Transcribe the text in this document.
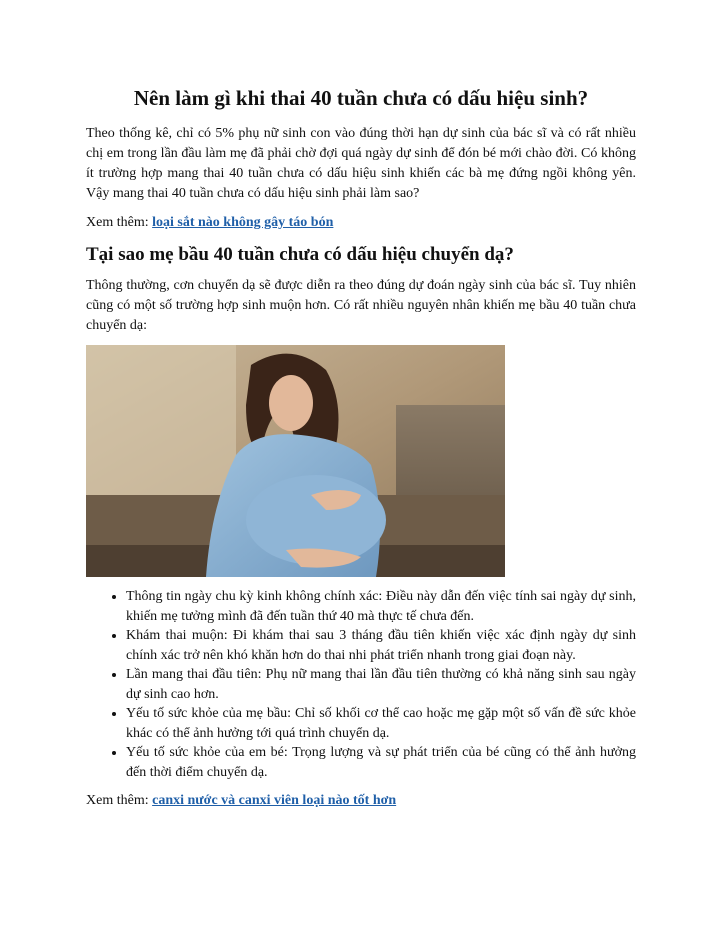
Nên làm gì khi thai 40 tuần chưa có dấu hiệu sinh?

Theo thống kê, chỉ có 5% phụ nữ sinh con vào đúng thời hạn dự sinh của bác sĩ và có rất nhiều chị em trong lần đầu làm mẹ đã phải chờ đợi quá ngày dự sinh để đón bé mới chào đời. Có không ít trường hợp mang thai 40 tuần chưa có dấu hiệu sinh khiến các bà mẹ đứng ngồi không yên. Vậy mang thai 40 tuần chưa có dấu hiệu sinh phải làm sao?

Xem thêm: loại sắt nào không gây táo bón
Tại sao mẹ bầu 40 tuần chưa có dấu hiệu chuyển dạ?

Thông thường, cơn chuyển dạ sẽ được diễn ra theo đúng dự đoán ngày sinh của bác sĩ. Tuy nhiên cũng có một số trường hợp sinh muộn hơn. Có rất nhiều nguyên nhân khiến mẹ bầu 40 tuần chưa chuyển dạ:

• Thông tin ngày chu kỳ kinh không chính xác: Điều này dẫn đến việc tính sai ngày dự sinh, khiến mẹ tưởng mình đã đến tuần thứ 40 mà thực tế chưa đến.
• Khám thai muộn: Đi khám thai sau 3 tháng đầu tiên khiến việc xác định ngày dự sinh chính xác trở nên khó khăn hơn do thai nhi phát triển nhanh trong giai đoạn này.
• Lần mang thai đầu tiên: Phụ nữ mang thai lần đầu tiên thường có khả năng sinh sau ngày dự sinh cao hơn.
• Yếu tố sức khỏe của mẹ bầu: Chỉ số khối cơ thể cao hoặc mẹ gặp một số vấn đề sức khỏe khác có thể ảnh hưởng tới quá trình chuyển dạ.
• Yếu tố sức khỏe của em bé: Trọng lượng và sự phát triển của bé cũng có thể ảnh hưởng đến thời điểm chuyển dạ.
Xem thêm: canxi nước và canxi viên loại nào tốt hơn
